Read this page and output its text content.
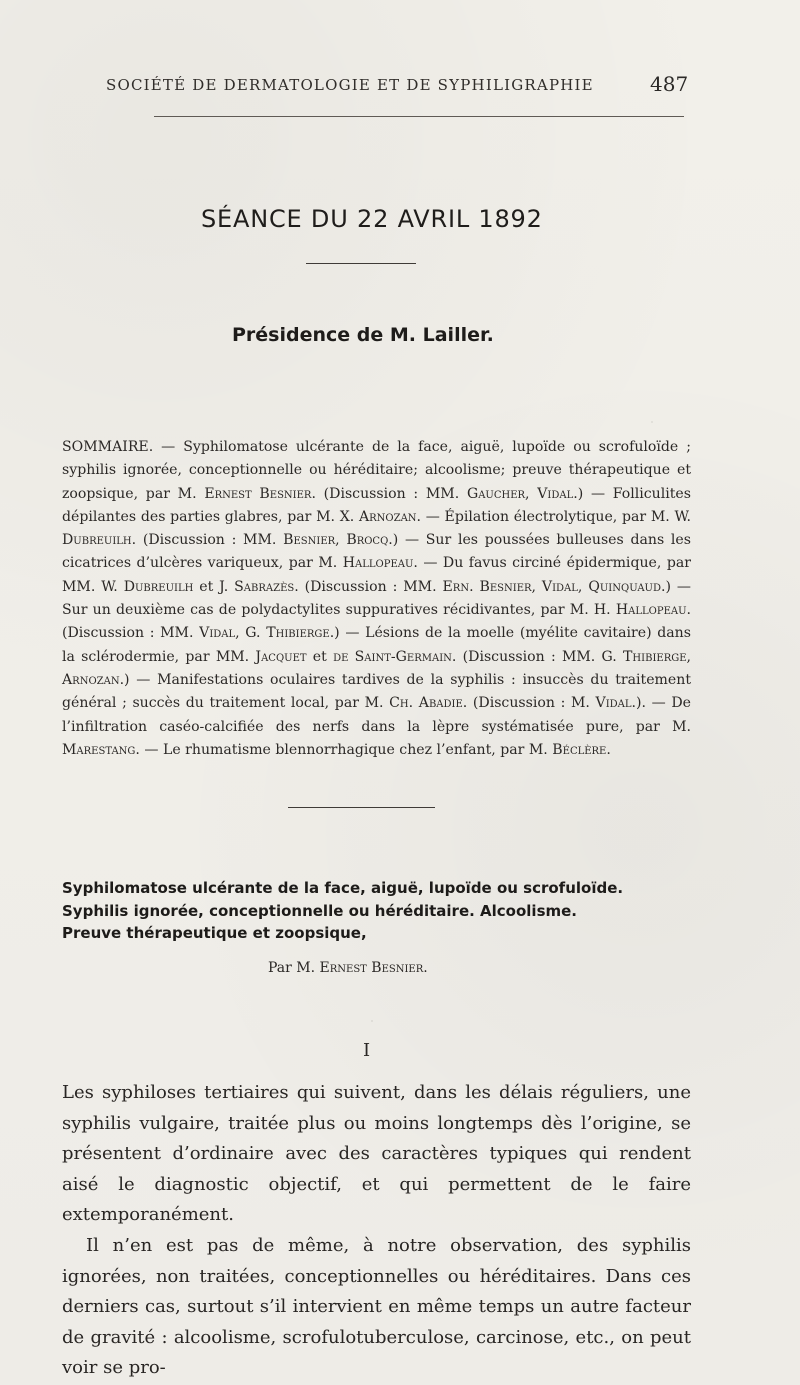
SOCIÉTÉ DE DERMATOLOGIE ET DE SYPHILIGRAPHIE	487
SÉANCE DU 22 AVRIL 1892
Présidence de M. Lailler.
SOMMAIRE. — Syphilomatose ulcérante de la face, aiguë, lupoïde ou scrofuloïde ; syphilis ignorée, conceptionnelle ou héréditaire; alcoolisme; preuve thérapeutique et zoopsique, par M. Ernest Besnier. (Discussion : MM. Gaucher, Vidal.) — Folliculites dépilantes des parties glabres, par M. X. Arnozan. — Épilation électrolytique, par M. W. Dubreuilh. (Discussion : MM. Besnier, Brocq.) — Sur les poussées bulleuses dans les cicatrices d’ulcères variqueux, par M. Hallopeau. — Du favus circiné épidermique, par MM. W. Dubreuilh et J. Sabrazès. (Discussion : MM. Ern. Besnier, Vidal, Quinquaud.) — Sur un deuxième cas de polydactylites suppuratives récidivantes, par M. H. Hallopeau. (Discussion : MM. Vidal, G. Thibierge.) — Lésions de la moelle (myélite cavitaire) dans la sclérodermie, par MM. Jacquet et de Saint-Germain. (Discussion : MM. G. Thibierge, Arnozan.) — Manifestations oculaires tardives de la syphilis : insuccès du traitement général ; succès du traitement local, par M. Ch. Abadie. (Discussion : M. Vidal.). — De l’infiltration caséo-calcifiée des nerfs dans la lèpre systématisée pure, par M. Marestang. — Le rhumatisme blennorrhagique chez l’enfant, par M. Béclère.
Syphilomatose ulcérante de la face, aiguë, lupoïde ou scrofuloïde.
Syphilis ignorée, conceptionnelle ou héréditaire. Alcoolisme.
Preuve thérapeutique et zoopsique,
Par M. Ernest Besnier.
I

Les syphiloses tertiaires qui suivent, dans les délais réguliers, une syphilis vulgaire, traitée plus ou moins longtemps dès l’origine, se présentent d’ordinaire avec des caractères typiques qui rendent aisé le diagnostic objectif, et qui permettent de le faire extemporanément.

Il n’en est pas de même, à notre observation, des syphilis ignorées, non traitées, conceptionnelles ou héréditaires. Dans ces derniers cas, surtout s’il intervient en même temps un autre facteur de gravité : alcoolisme, scrofulotuberculose, carcinose, etc., on peut voir se pro-
